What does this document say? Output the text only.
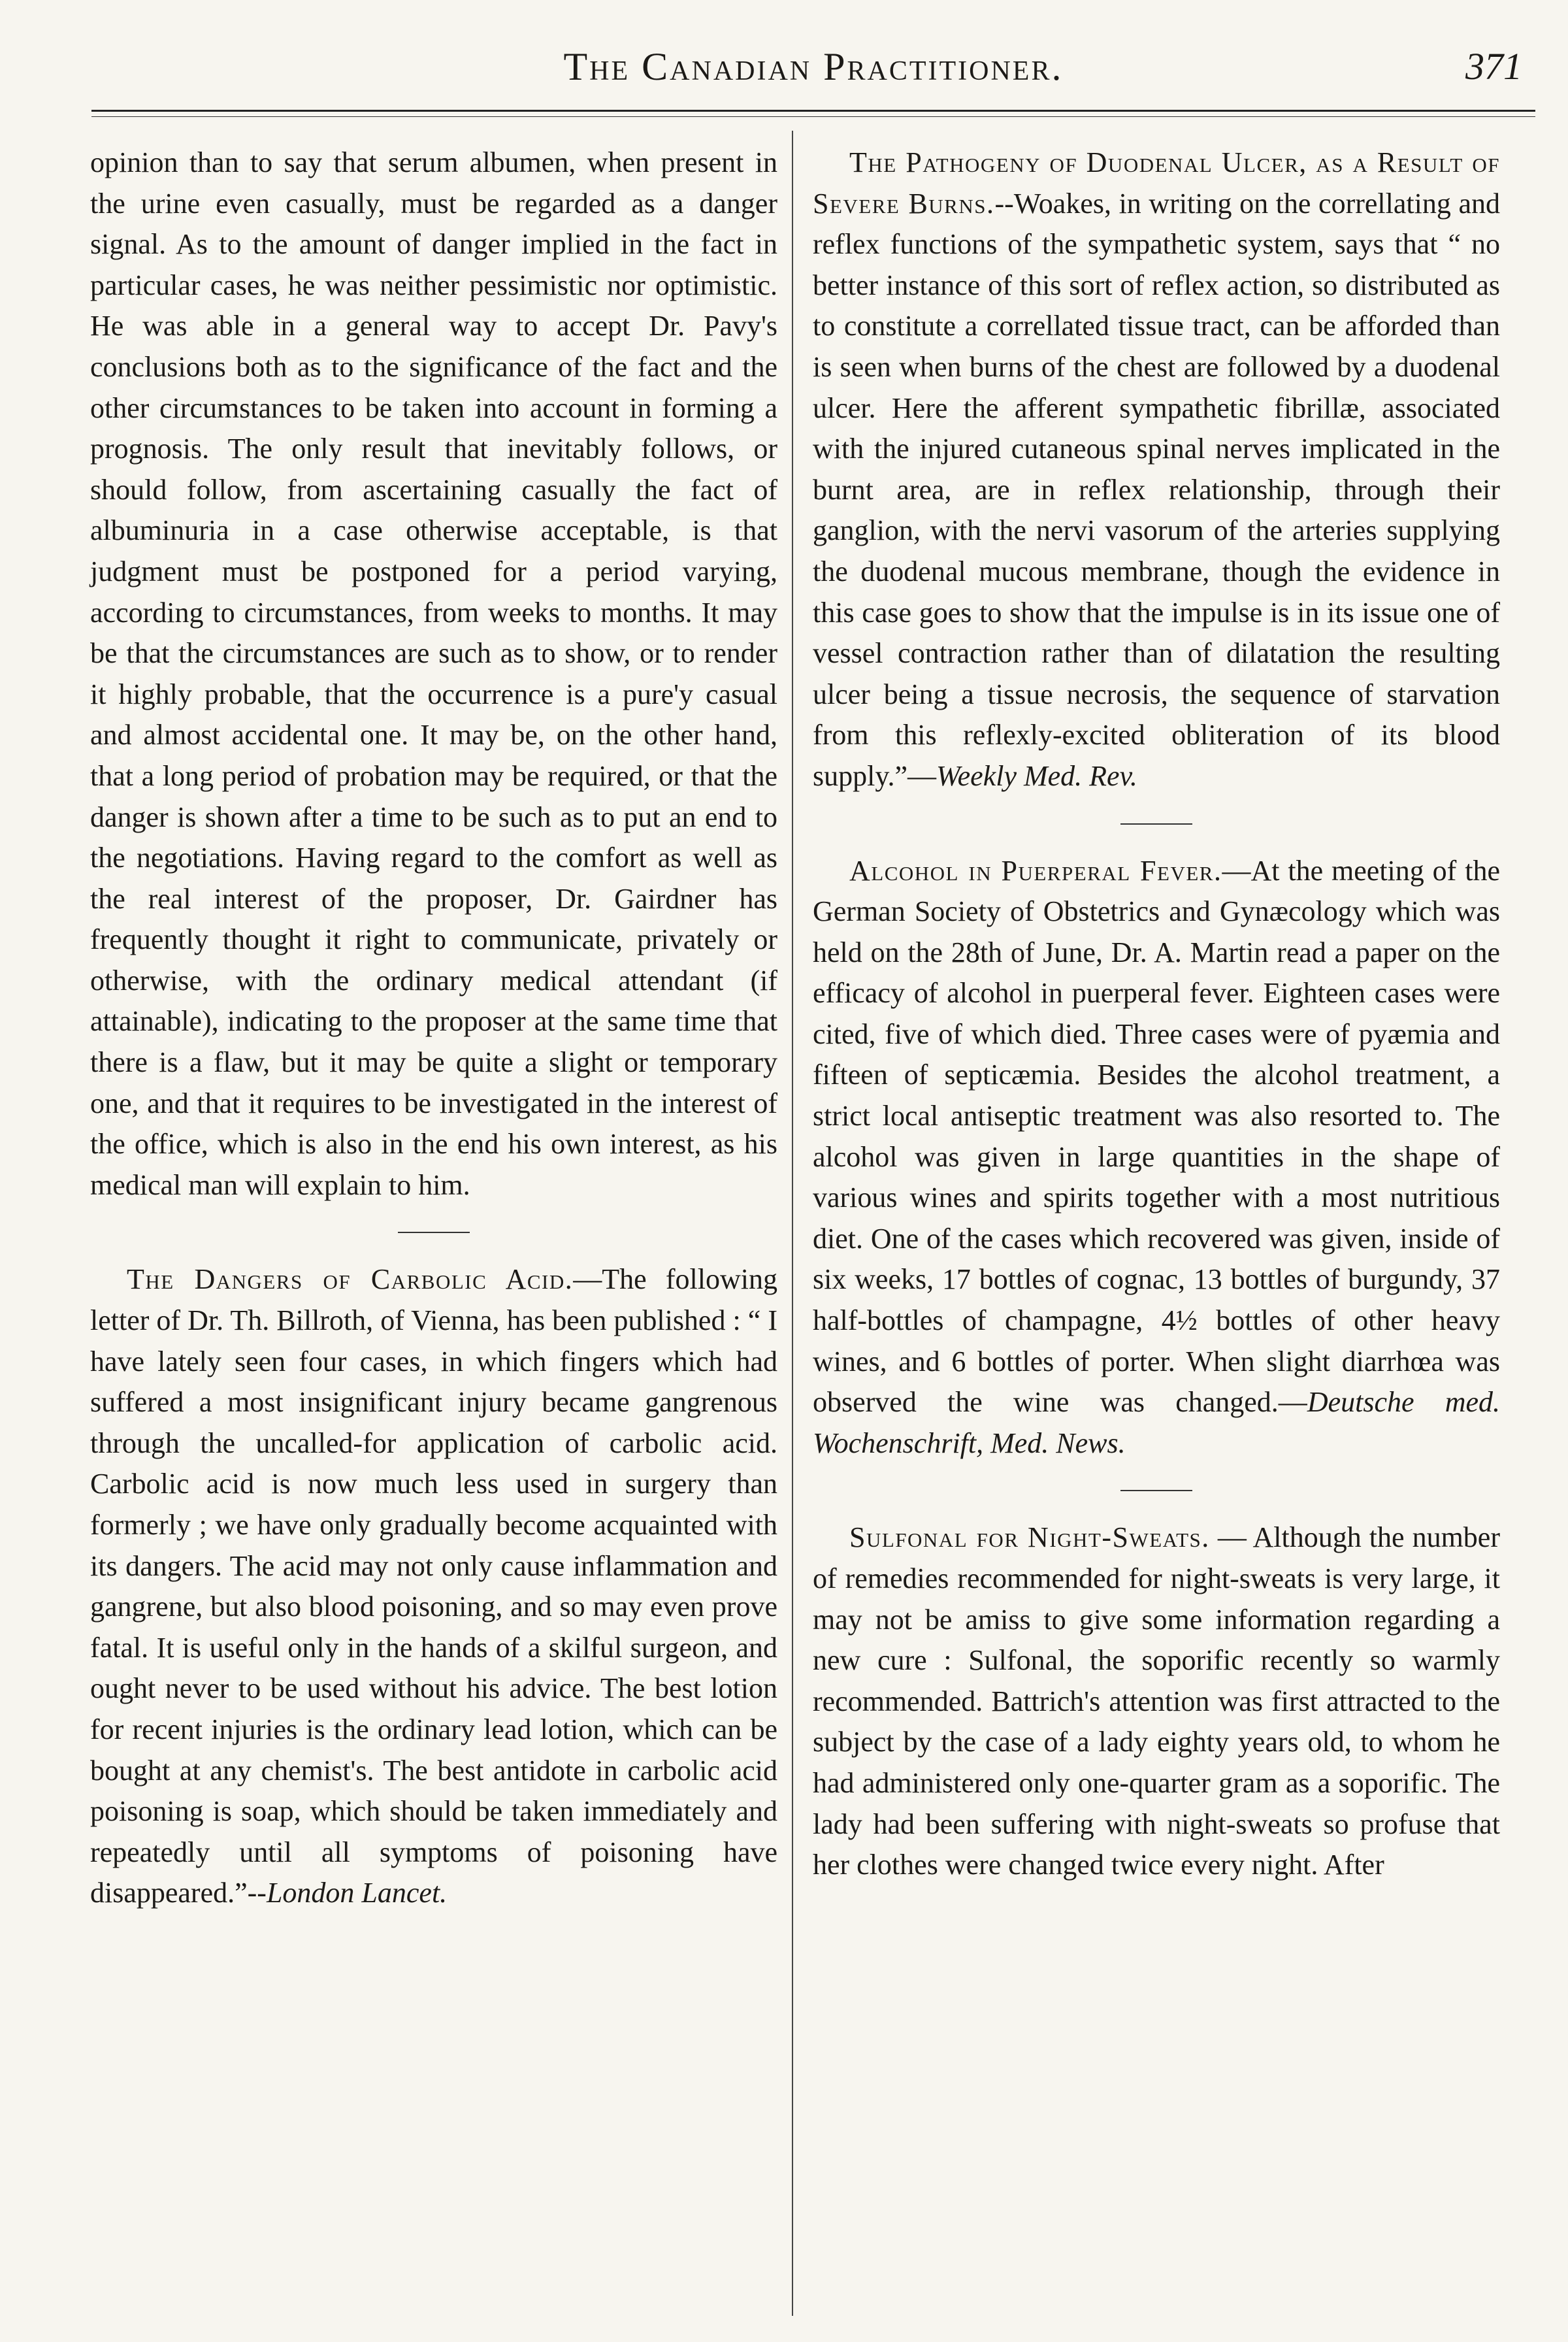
The Canadian Practitioner.	371

opinion than to say that serum albumen, when present in the urine even casually, must be regarded as a danger signal. As to the amount of danger implied in the fact in particular cases, he was neither pessimistic nor optimistic. He was able in a general way to accept Dr. Pavy's conclusions both as to the significance of the fact and the other circumstances to be taken into account in forming a prognosis. The only result that inevitably follows, or should follow, from ascertaining casually the fact of albuminuria in a case otherwise acceptable, is that judgment must be postponed for a period varying, according to circumstances, from weeks to months. It may be that the circumstances are such as to show, or to render it highly probable, that the occurrence is a pure'y casual and almost accidental one. It may be, on the other hand, that a long period of probation may be required, or that the danger is shown after a time to be such as to put an end to the negotiations. Having regard to the comfort as well as the real interest of the proposer, Dr. Gairdner has frequently thought it right to communicate, privately or otherwise, with the ordinary medical attendant (if attainable), indicating to the proposer at the same time that there is a flaw, but it may be quite a slight or temporary one, and that it requires to be investigated in the interest of the office, which is also in the end his own interest, as his medical man will explain to him.

The Dangers of Carbolic Acid.—The following letter of Dr. Th. Billroth, of Vienna, has been published : “ I have lately seen four cases, in which fingers which had suffered a most insignificant injury became gangrenous through the uncalled-for application of carbolic acid. Carbolic acid is now much less used in surgery than formerly ; we have only gradually become acquainted with its dangers. The acid may not only cause inflammation and gangrene, but also blood poisoning, and so may even prove fatal. It is useful only in the hands of a skilful surgeon, and ought never to be used without his advice. The best lotion for recent injuries is the ordinary lead lotion, which can be bought at any chemist's. The best antidote in carbolic acid poisoning is soap, which should be taken immediately and repeatedly until all symptoms of poisoning have disappeared.”--London Lancet.

The Pathogeny of Duodenal Ulcer, as a Result of Severe Burns.--Woakes, in writing on the correllating and reflex functions of the sympathetic system, says that “ no better instance of this sort of reflex action, so distributed as to constitute a correllated tissue tract, can be afforded than is seen when burns of the chest are followed by a duodenal ulcer. Here the afferent sympathetic fibrillæ, associated with the injured cutaneous spinal nerves implicated in the burnt area, are in reflex relationship, through their ganglion, with the nervi vasorum of the arteries supplying the duodenal mucous membrane, though the evidence in this case goes to show that the impulse is in its issue one of vessel contraction rather than of dilatation the resulting ulcer being a tissue necrosis, the sequence of starvation from this reflexly-excited obliteration of its blood supply.”—Weekly Med. Rev.

Alcohol in Puerperal Fever.—At the meeting of the German Society of Obstetrics and Gynæcology which was held on the 28th of June, Dr. A. Martin read a paper on the efficacy of alcohol in puerperal fever. Eighteen cases were cited, five of which died. Three cases were of pyæmia and fifteen of septicæmia. Besides the alcohol treatment, a strict local antiseptic treatment was also resorted to. The alcohol was given in large quantities in the shape of various wines and spirits together with a most nutritious diet. One of the cases which recovered was given, inside of six weeks, 17 bottles of cognac, 13 bottles of burgundy, 37 half-bottles of champagne, 4½ bottles of other heavy wines, and 6 bottles of porter. When slight diarrhœa was observed the wine was changed.—Deutsche med. Wochenschrift, Med. News.

Sulfonal for Night-Sweats. — Although the number of remedies recommended for night-sweats is very large, it may not be amiss to give some information regarding a new cure : Sulfonal, the soporific recently so warmly recommended. Battrich's attention was first attracted to the subject by the case of a lady eighty years old, to whom he had administered only one-quarter gram as a soporific. The lady had been suffering with night-sweats so profuse that her clothes were changed twice every night. After
